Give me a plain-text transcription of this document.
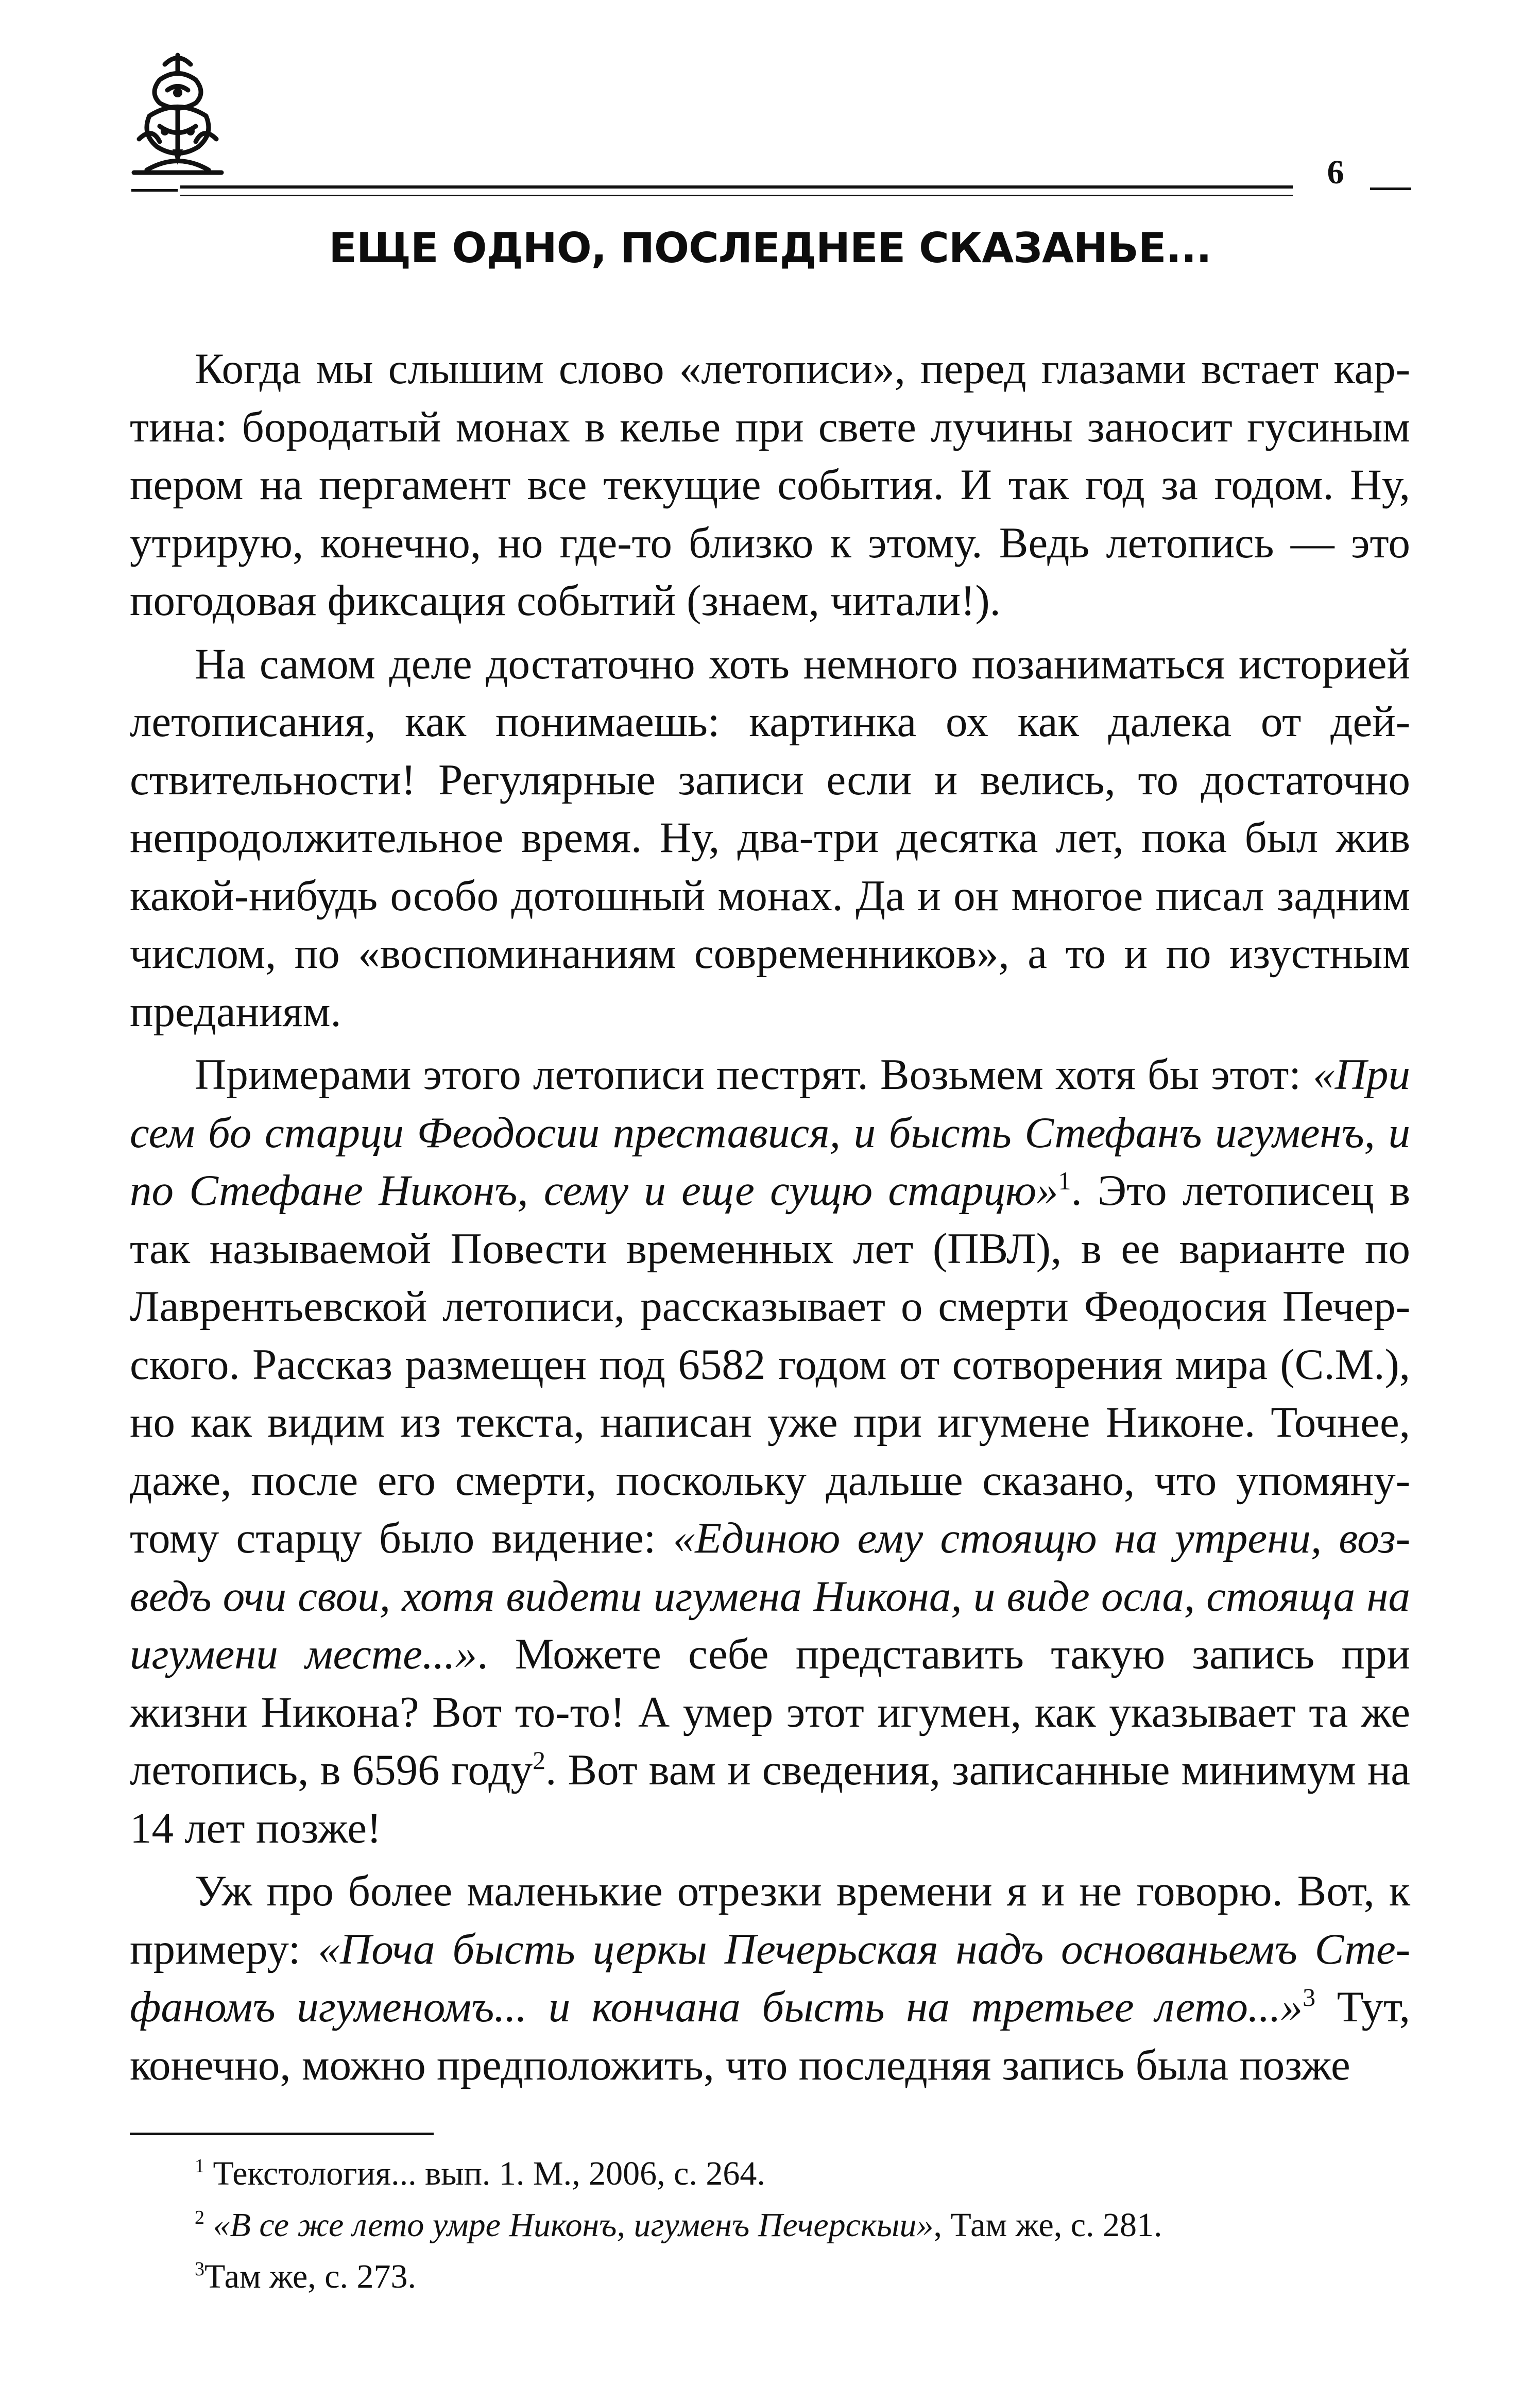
6
ЕЩЕ ОДНО, ПОСЛЕДНЕЕ СКАЗАНЬЕ...

Когда мы слышим слово «летописи», перед глазами встает картина: бородатый монах в келье при свете лучины заносит гусиным пером на пергамент все текущие события. И так год за годом. Ну, утрирую, конечно, но где-то близко к этому. Ведь летопись — это погодовая фиксация событий (знаем, читали!).

На самом деле достаточно хоть немного позаниматься историей летописания, как понимаешь: картинка ох как далека от действительности! Регулярные записи если и велись, то достаточно непродолжительное время. Ну, два-три десятка лет, пока был жив какой-нибудь особо дотошный монах. Да и он многое писал задним числом, по «воспоминаниям современников», а то и по изустным преданиям.

Примерами этого летописи пестрят. Возьмем хотя бы этот: «При сем бо старци Феодосии преставися, и бысть Стефанъ игуменъ, и по Стефане Никонъ, сему и еще сущю старцю»$^1$. Это летописец в так называемой Повести временных лет (ПВЛ), в ее варианте по Лаврентьевской летописи, рассказывает о смерти Феодосия Печерского. Рассказ размещен под 6582 годом от сотворения мира (С.М.), но как видим из текста, написан уже при игумене Никоне. Точнее, даже, после его смерти, поскольку дальше сказано, что упомянутому старцу было видение: «Единою ему стоящю на утрени, возведъ очи свои, хотя видети игумена Никона, и виде осла, стояща на игумени месте...». Можете себе представить такую запись при жизни Никона? Вот то-то! А умер этот игумен, как указывает та же летопись, в 6596 году$^2$. Вот вам и сведения, записанные минимум на 14 лет позже!

Уж про более маленькие отрезки времени я и не говорю. Вот, к примеру: «Поча бысть церкы Печерьская надъ основаньемъ Стефаномъ игуменомъ... и кончана бысть на третьее лето...»$^3$ Тут, конечно, можно предположить, что последняя запись была позже

$^1$ Текстология... вып. 1. М., 2006, с. 264.

$^2$ «В се же лето умре Никонъ, игуменъ Печерскыи», Там же, с. 281.

$^3$Там же, с. 273.
